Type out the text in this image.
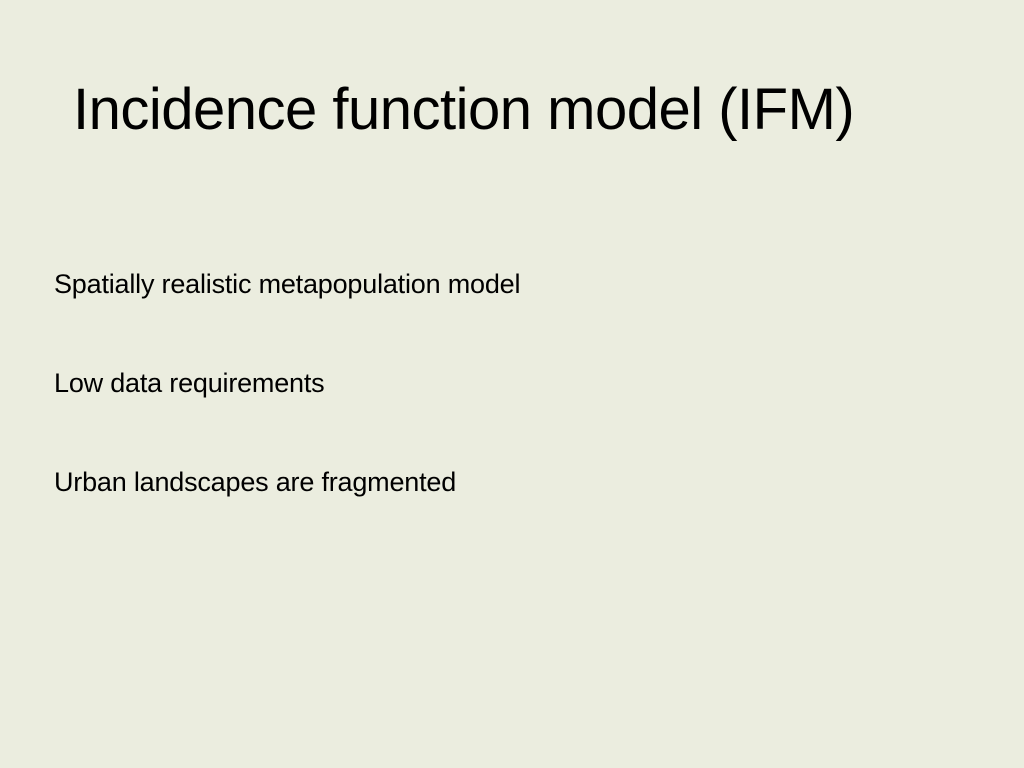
Incidence function model (IFM)
Spatially realistic metapopulation model
Low data requirements
Urban landscapes are fragmented
